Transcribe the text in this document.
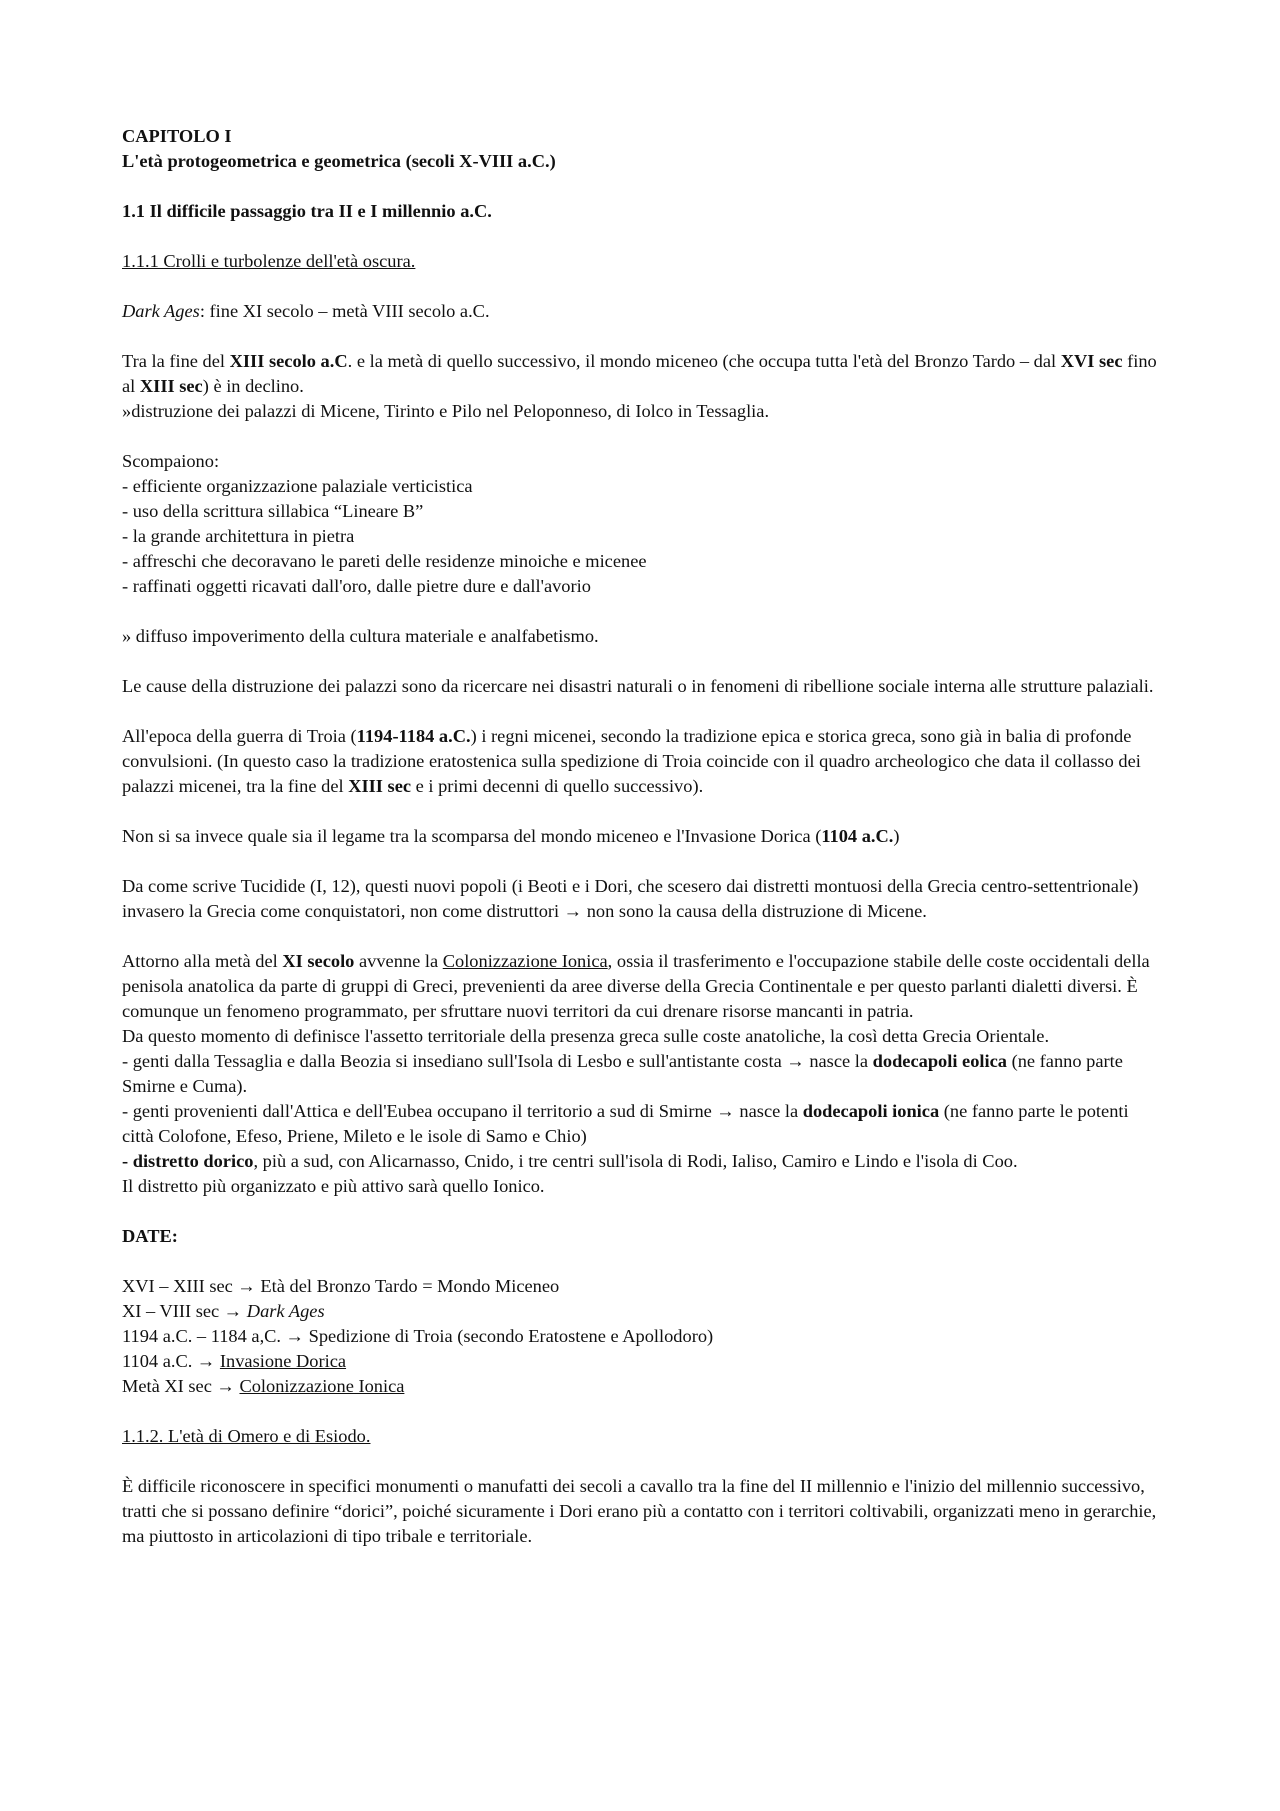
CAPITOLO I

L'età protogeometrica e geometrica (secoli X-VIII a.C.)

1.1 Il difficile passaggio tra II e I millennio a.C.

1.1.1 Crolli e turbolenze dell'età oscura.

Dark Ages: fine XI secolo – metà VIII secolo a.C.

Tra la fine del XIII secolo a.C. e la metà di quello successivo, il mondo miceneo (che occupa tutta l'età del Bronzo Tardo – dal XVI sec fino al XIII sec) è in declino.
»distruzione dei palazzi di Micene, Tirinto e Pilo nel Peloponneso, di Iolco in Tessaglia.

Scompaiono:

- efficiente organizzazione palaziale verticistica
- uso della scrittura sillabica “Lineare B”
- la grande architettura in pietra
- affreschi che decoravano le pareti delle residenze minoiche e micenee
- raffinati oggetti ricavati dall'oro, dalle pietre dure e dall'avorio

» diffuso impoverimento della cultura materiale e analfabetismo.

Le cause della distruzione dei palazzi sono da ricercare nei disastri naturali o in fenomeni di ribellione sociale interna alle strutture palaziali.

All'epoca della guerra di Troia (1194-1184 a.C.) i regni micenei, secondo la tradizione epica e storica greca, sono già in balia di profonde convulsioni. (In questo caso la tradizione eratostenica sulla spedizione di Troia coincide con il quadro archeologico che data il collasso dei palazzi micenei, tra la fine del XIII sec e i primi decenni di quello successivo).

Non si sa invece quale sia il legame tra la scomparsa del mondo miceneo e l'Invasione Dorica (1104 a.C.)

Da come scrive Tucidide (I, 12), questi nuovi popoli (i Beoti e i Dori, che scesero dai distretti montuosi della Grecia centro-settentrionale) invasero la Grecia come conquistatori, non come distruttori → non sono la causa della distruzione di Micene.

Attorno alla metà del XI secolo avvenne la Colonizzazione Ionica, ossia il trasferimento e l'occupazione stabile delle coste occidentali della penisola anatolica da parte di gruppi di Greci, prevenienti da aree diverse della Grecia Continentale e per questo parlanti dialetti diversi. È comunque un fenomeno programmato, per sfruttare nuovi territori da cui drenare risorse mancanti in patria.
Da questo momento di definisce l'assetto territoriale della presenza greca sulle coste anatoliche, la così detta Grecia Orientale.
- genti dalla Tessaglia e dalla Beozia si insediano sull'Isola di Lesbo e sull'antistante costa → nasce la dodecapoli eolica (ne fanno parte Smirne e Cuma).
- genti provenienti dall'Attica e dell'Eubea occupano il territorio a sud di Smirne → nasce la dodecapoli ionica (ne fanno parte le potenti città Colofone, Efeso, Priene, Mileto e le isole di Samo e Chio)
- distretto dorico, più a sud, con Alicarnasso, Cnido, i tre centri sull'isola di Rodi, Ialiso, Camiro e Lindo e l'isola di Coo.
Il distretto più organizzato e più attivo sarà quello Ionico.

DATE:

XVI – XIII sec → Età del Bronzo Tardo = Mondo Miceneo
XI – VIII sec → Dark Ages
1194 a.C. – 1184 a,C. → Spedizione di Troia (secondo Eratostene e Apollodoro)
1104 a.C. → Invasione Dorica
Metà XI sec → Colonizzazione Ionica

1.1.2. L'età di Omero e di Esiodo.

È difficile riconoscere in specifici monumenti o manufatti dei secoli a cavallo tra la fine del II millennio e l'inizio del millennio successivo, tratti che si possano definire “dorici”, poiché sicuramente i Dori erano più a contatto con i territori coltivabili, organizzati meno in gerarchie, ma piuttosto in articolazioni di tipo tribale e territoriale.
